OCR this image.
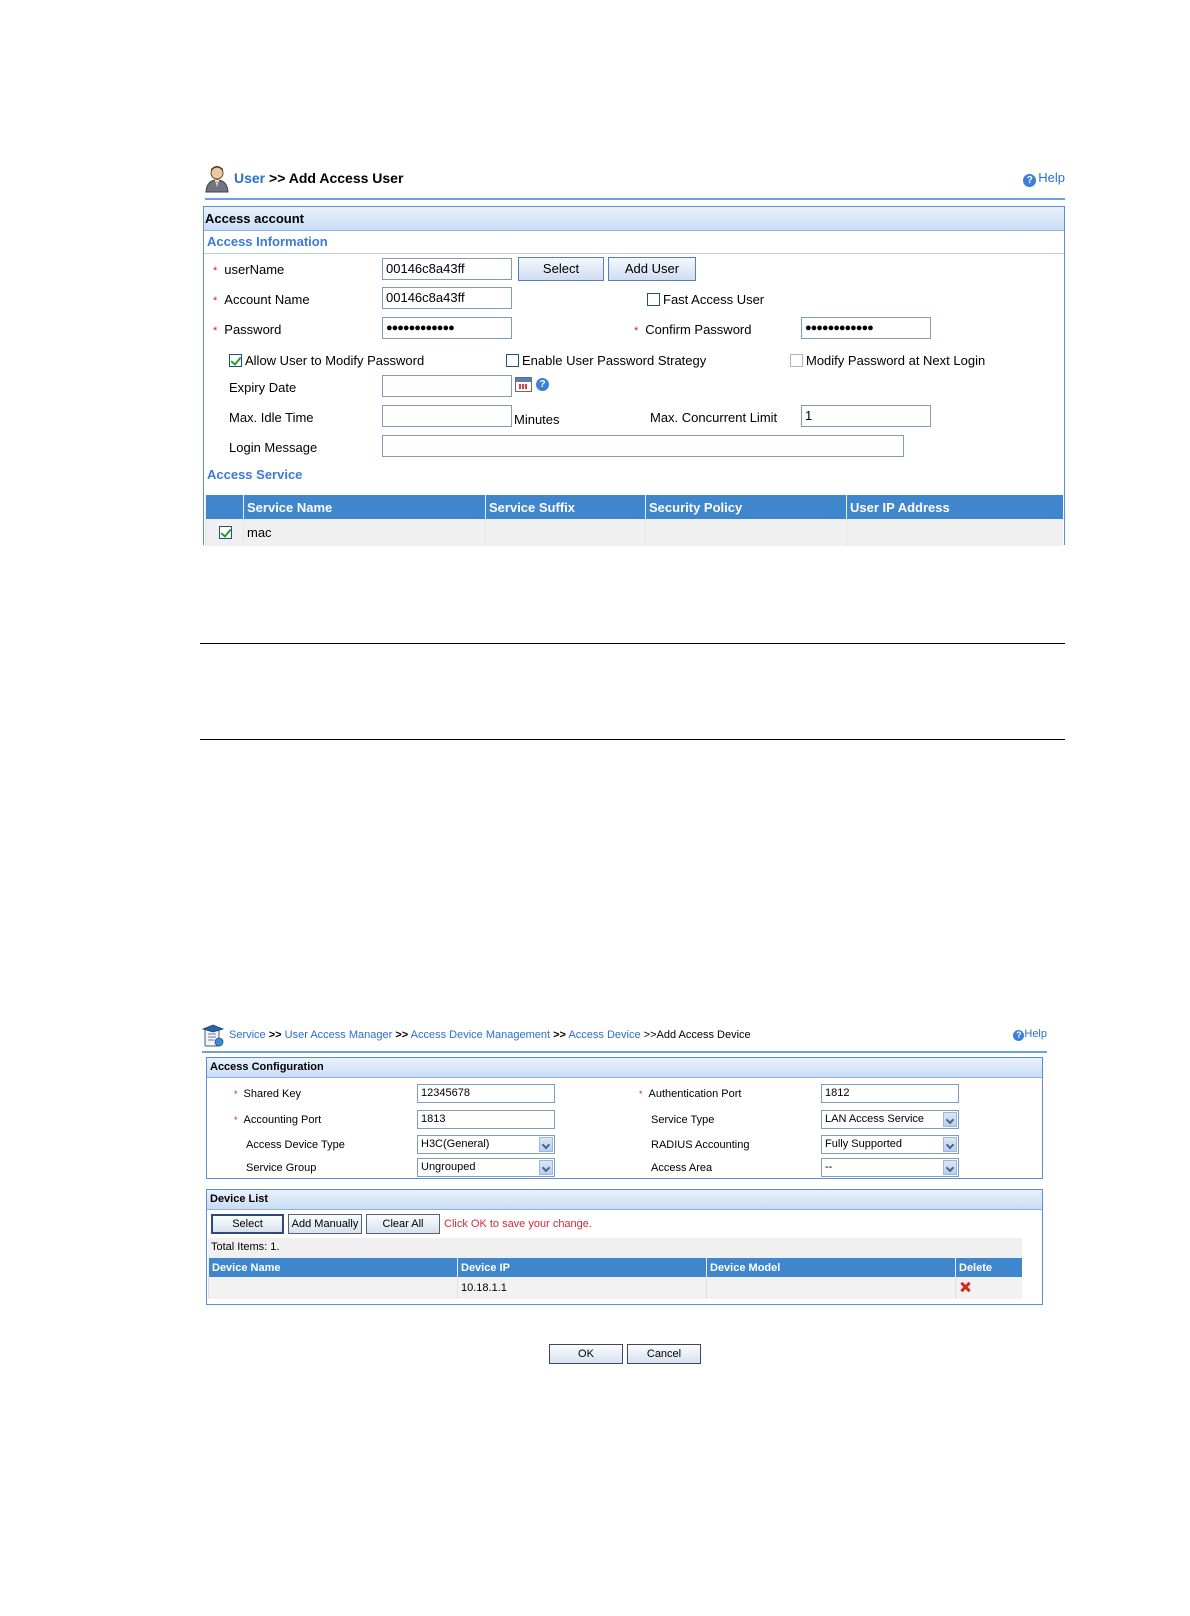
User >> Add Access User	? Help
Access account
Access Information
* userName	00146c8a43ff	Select	Add User
* Account Name	00146c8a43ff	Fast Access User
* Password	●●●●●●●●●●●●	* Confirm Password	●●●●●●●●●●●●
Allow User to Modify Password	Enable User Password Strategy	Modify Password at Next Login
Expiry Date	?
Max. Idle Time	Minutes	Max. Concurrent Limit	1
Login Message
Access Service
	Service Name	Service Suffix	Security Policy	User IP Address
	mac			
Service >> User Access Manager >> Access Device Management >> Access Device >>Add Access Device	? Help
Access Configuration
* Shared Key	12345678	* Authentication Port	1812
* Accounting Port	1813	Service Type	LAN Access Service
Access Device Type	H3C(General)	RADIUS Accounting	Fully Supported
Service Group	Ungrouped	Access Area	--
Device List
Select	Add Manually	Clear All	Click OK to save your change.
Total Items: 1.
Device Name	Device IP	Device Model	Delete
	10.18.1.1		
OK	Cancel
